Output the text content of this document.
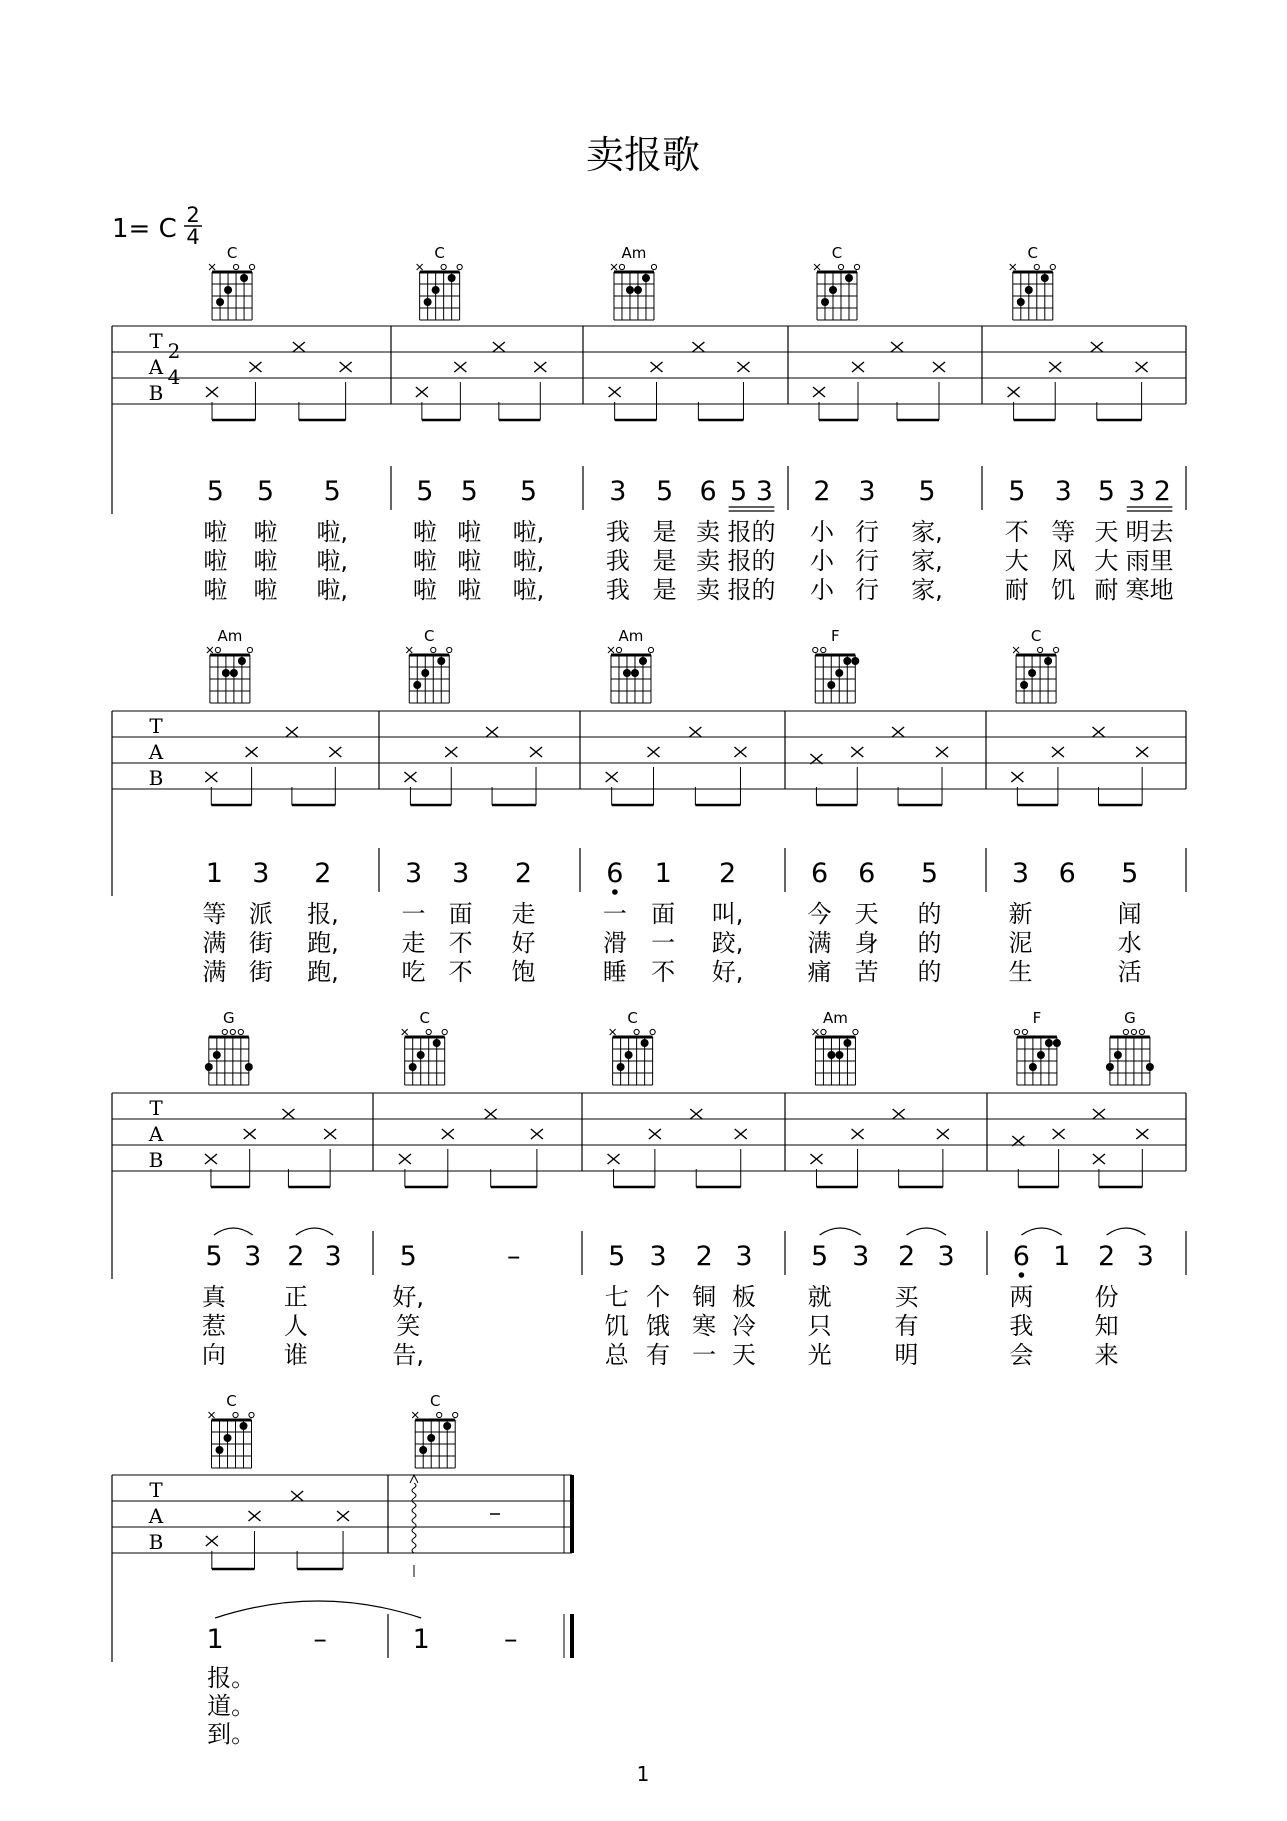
卖报歌
1= C 2
4
T
A
B
2
4
C
5 5 5
啦 啦 啦,
啦 啦 啦,
啦 啦 啦,
C
5 5 5
啦 啦 啦,
啦 啦 啦,
啦 啦 啦,
Am
3 5 6 5 3
我 是 卖 报的
我 是 卖 报的
我 是 卖 报的
C
2 3 5
小 行 家,
小 行 家,
小 行 家,
C
5 3 5 3 2
不 等 天 明去
大 风 大 雨里
耐 饥 耐 寒地
T
A
B
Am
1 3 2
等 派 报,
满 街 跑,
满 街 跑,
C
3 3 2
一 面 走
走 不 好
吃 不 饱
Am
6 1 2
一 面 叫,
滑 一 跤,
睡 不 好,
F
6 6 5
今 天 的
满 身 的
痛 苦 的
C
3 6 5
新	闻
泥	水
生	活
T
A
B
G
5 3 2 3
真 正
惹 人
向 谁
C
5	–
好,
笑
告,
C
5 3 2 3
七 个 铜 板
饥 饿 寒 冷
总 有 一 天
Am
5 3 2 3
就	买
只	有
光	明
F	G
6 1 2 3
两	份
我	知
会	来
T
A
B
C
1	–
报。
道。
到。
C
1	–
1
